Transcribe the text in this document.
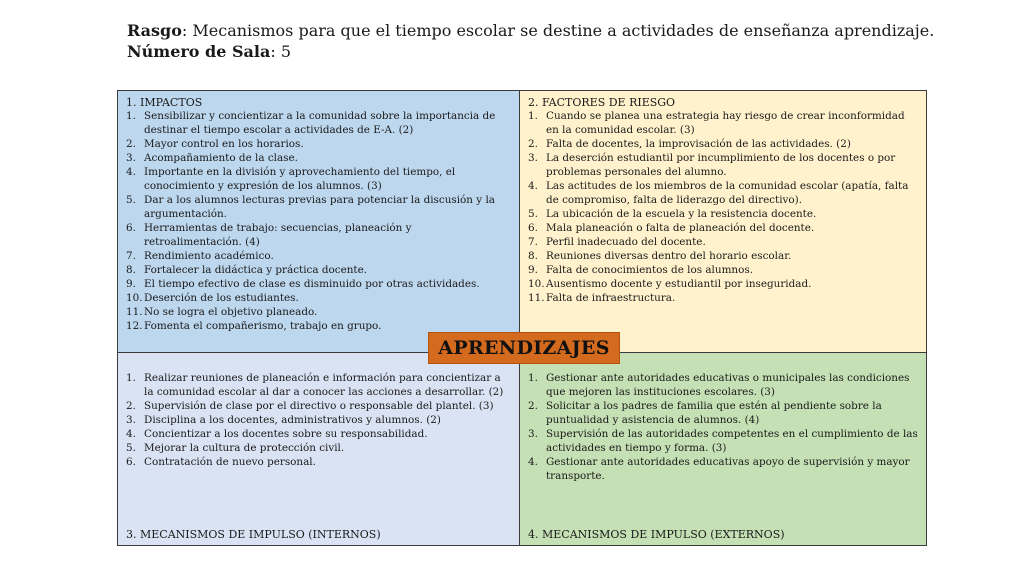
Rasgo: Mecanismos para que el tiempo escolar se destine a actividades de enseñanza aprendizaje.
Número de Sala: 5
1. IMPACTOS
1. Sensibilizar y concientizar a la comunidad sobre la importancia de destinar el tiempo escolar a actividades de E-A. (2)
2. Mayor control en los horarios.
3. Acompañamiento de la clase.
4. Importante en la división y aprovechamiento del tiempo, el conocimiento y expresión de los alumnos. (3)
5. Dar a los alumnos lecturas previas para potenciar la discusión y la argumentación.
6. Herramientas de trabajo: secuencias, planeación y retroalimentación. (4)
7. Rendimiento académico.
8. Fortalecer la didáctica y práctica docente.
9. El tiempo efectivo de clase es disminuido por otras actividades.
10. Deserción de los estudiantes.
11. No se logra el objetivo planeado.
12. Fomenta el compañerismo, trabajo en grupo.
2. FACTORES DE RIESGO
1. Cuando se planea una estrategia hay riesgo de crear inconformidad en la comunidad escolar. (3)
2. Falta de docentes, la improvisación de las actividades. (2)
3. La deserción estudiantil por incumplimiento de los docentes o por problemas personales del alumno.
4. Las actitudes de los miembros de la comunidad escolar (apatía, falta de compromiso, falta de liderazgo del directivo).
5. La ubicación de la escuela y la resistencia docente.
6. Mala planeación o falta de planeación del docente.
7. Perfil inadecuado del docente.
8. Reuniones diversas dentro del horario escolar.
9. Falta de conocimientos de los alumnos.
10. Ausentismo docente y estudiantil por inseguridad.
11. Falta de infraestructura.
1. Realizar reuniones de planeación e información para concientizar a la comunidad escolar al dar a conocer las acciones a desarrollar. (2)
2. Supervisión de clase por el directivo o responsable del plantel. (3)
3. Disciplina a los docentes, administrativos y alumnos. (2)
4. Concientizar a los docentes sobre su responsabilidad.
5. Mejorar la cultura de protección civil.
6. Contratación de nuevo personal.
3. MECANISMOS DE IMPULSO (INTERNOS)
1. Gestionar ante autoridades educativas o municipales las condiciones que mejoren las instituciones escolares. (3)
2. Solicitar a los padres de familia que estén al pendiente sobre la puntualidad y asistencia de alumnos. (4)
3. Supervisión de las autoridades competentes en el cumplimiento de las actividades en tiempo y forma. (3)
4. Gestionar ante autoridades educativas apoyo de supervisión y mayor transporte.
4. MECANISMOS DE IMPULSO (EXTERNOS)
APRENDIZAJES
